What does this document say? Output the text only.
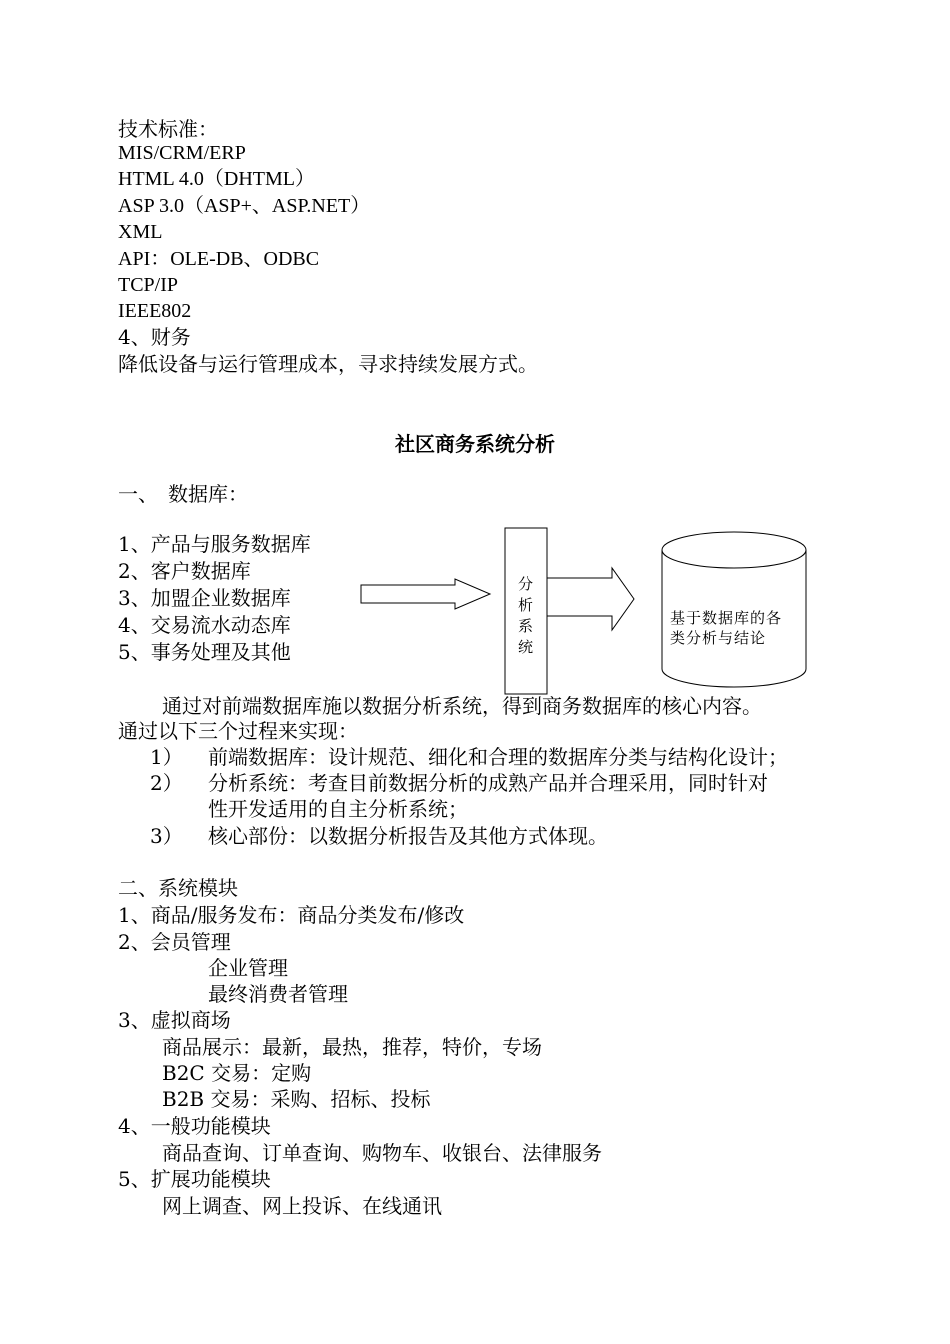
技术标准：
MIS/CRM/ERP
HTML 4.0（DHTML）
ASP 3.0（ASP+、ASP.NET）
XML
API：OLE-DB、ODBC
TCP/IP
IEEE802
4、财务
降低设备与运行管理成本，寻求持续发展方式。
社区商务系统分析
一、　数据库：
1、产品与服务数据库
2、客户数据库
3、加盟企业数据库
4、交易流水动态库
5、事务处理及其他
分
析
系
统
基于数据库的各
类分析与结论
通过对前端数据库施以数据分析系统，得到商务数据库的核心内容。
通过以下三个过程来实现：
1） 前端数据库：设计规范、细化和合理的数据库分类与结构化设计；
2） 分析系统：考查目前数据分析的成熟产品并合理采用，同时针对
性开发适用的自主分析系统；
3） 核心部份：以数据分析报告及其他方式体现。
二、系统模块
1、商品/服务发布：商品分类发布/修改
2、会员管理
企业管理
最终消费者管理
3、虚拟商场
商品展示：最新，最热，推荐，特价，专场
B2C 交易：定购
B2B 交易：采购、招标、投标
4、一般功能模块
商品查询、订单查询、购物车、收银台、法律服务
5、扩展功能模块
网上调查、网上投诉、在线通讯
